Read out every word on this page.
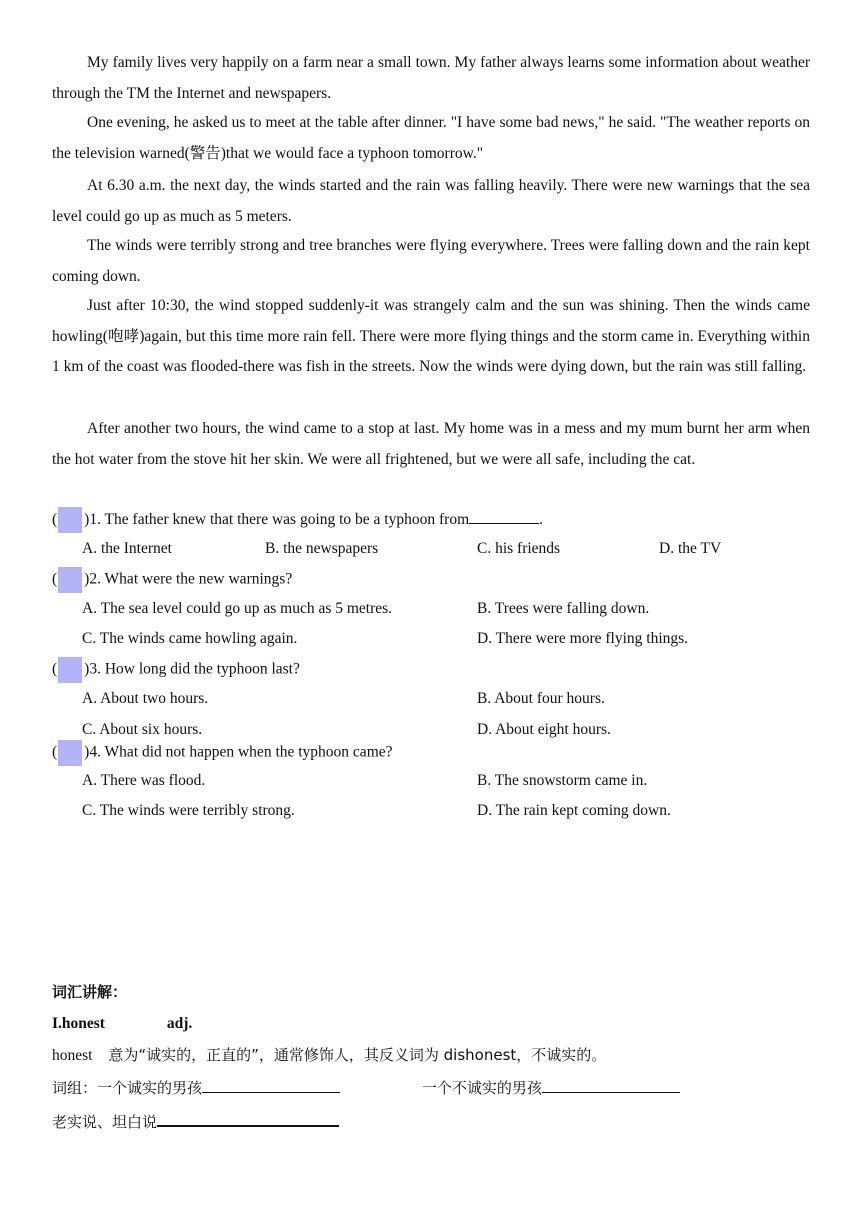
My family lives very happily on a farm near a small town. My father always learns some information about weather through the TM the Internet and newspapers.

One evening, he asked us to meet at the table after dinner. "I have some bad news," he said. "The weather reports on the television warned(警告)that we would face a typhoon tomorrow."

At 6.30 a.m. the next day, the winds started and the rain was falling heavily. There were new warnings that the sea level could go up as much as 5 meters.

The winds were terribly strong and tree branches were flying everywhere. Trees were falling down and the rain kept coming down.

Just after 10:30, the wind stopped suddenly-it was strangely calm and the sun was shining. Then the winds came howling(咆哮)again, but this time more rain fell. There were more flying things and the storm came in. Everything within 1 km of the coast was flooded-there was fish in the streets. Now the winds were dying down, but the rain was still falling.

After another two hours, the wind came to a stop at last. My home was in a mess and my mum burnt her arm when the hot water from the stove hit her skin. We were all frightened, but we were all safe, including the cat.

( )1. The father knew that there was going to be a typhoon from	.
A. the Internet	B. the newspapers	C. his friends	D. the TV
( )2. What were the new warnings?
A. The sea level could go up as much as 5 metres.	B. Trees were falling down.
C. The winds came howling again.	D. There were more flying things.
( )3. How long did the typhoon last?
A. About two hours.	B. About four hours.
C. About six hours.	D. About eight hours.
( )4. What did not happen when the typhoon came?
A. There was flood.	B. The snowstorm came in.
C. The winds were terribly strong.	D. The rain kept coming down.
词汇讲解：
I.honest	adj.
honest 意为“诚实的，正直的”，通常修饰人，其反义词为 dishonest，不诚实的。
词组：一个诚实的男孩	一个不诚实的男孩
老实说、坦白说
